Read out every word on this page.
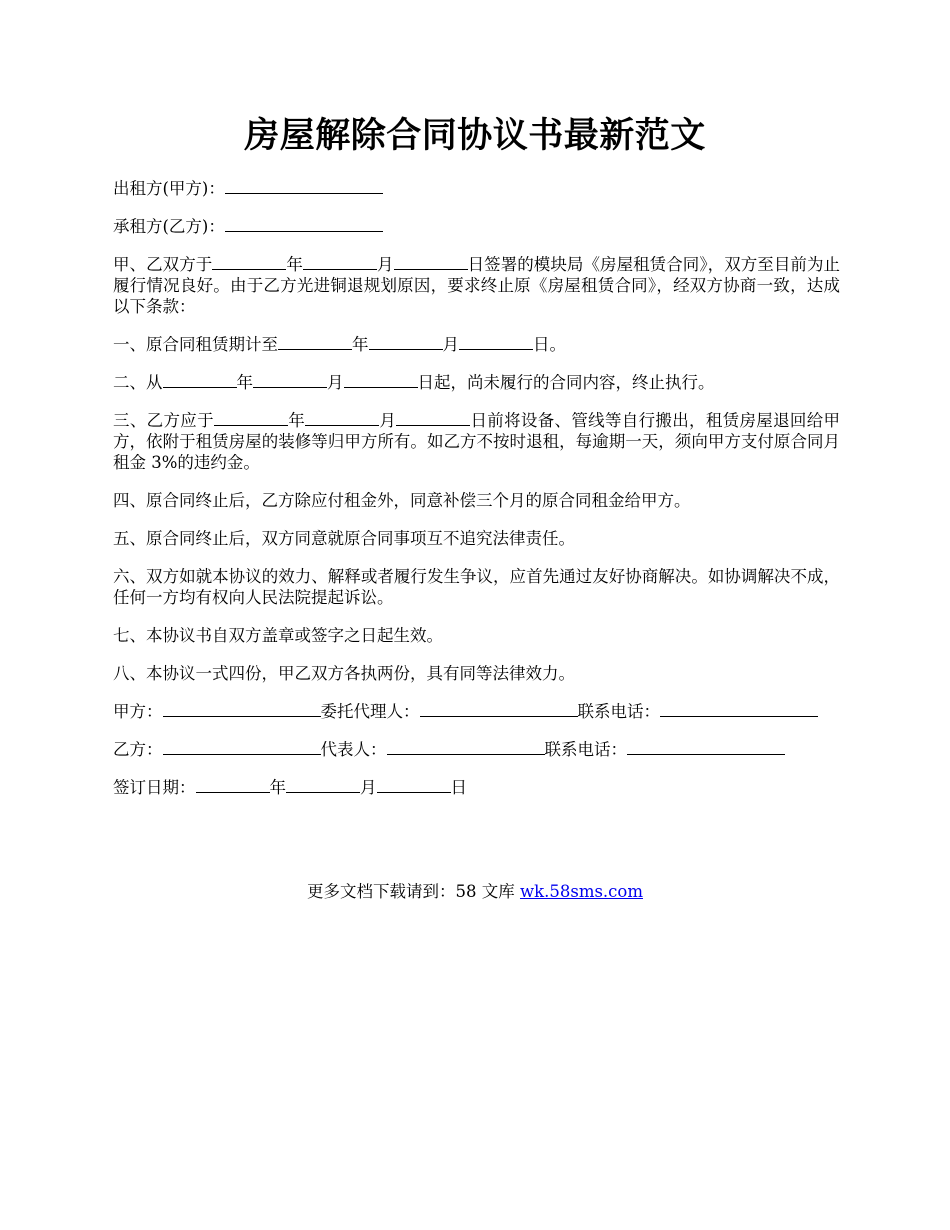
房屋解除合同协议书最新范文

出租方(甲方)：

承租方(乙方)：

甲、乙双方于	年	月	日签署的模块局《房屋租赁合同》，双方至目前为止履行情况良好。由于乙方光进铜退规划原因，要求终止原《房屋租赁合同》，经双方协商一致，达成以下条款：

一、原合同租赁期计至	年	月	日。

二、从	年	月	日起，尚未履行的合同内容，终止执行。

三、乙方应于	年	月	日前将设备、管线等自行搬出，租赁房屋退回给甲方，依附于租赁房屋的装修等归甲方所有。如乙方不按时退租，每逾期一天，须向甲方支付原合同月租金 3%的违约金。

四、原合同终止后，乙方除应付租金外，同意补偿三个月的原合同租金给甲方。

五、原合同终止后，双方同意就原合同事项互不追究法律责任。

六、双方如就本协议的效力、解释或者履行发生争议，应首先通过友好协商解决。如协调解决不成，任何一方均有权向人民法院提起诉讼。

七、本协议书自双方盖章或签字之日起生效。

八、本协议一式四份，甲乙双方各执两份，具有同等法律效力。

甲方：	委托代理人：	联系电话：

乙方：	代表人：	联系电话：

签订日期：	年	月	日

更多文档下载请到：58 文库 wk.58sms.com
